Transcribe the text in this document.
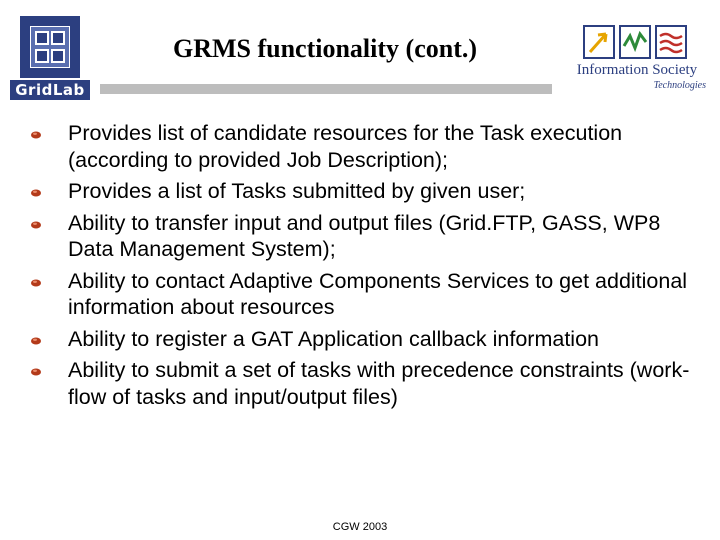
GridLab
GRMS functionality (cont.)
Information Society
Technologies
Provides list of candidate resources for the Task execution (according to provided Job Description);
Provides a list of Tasks submitted by given user;
Ability to transfer input and output files (Grid.FTP, GASS, WP8 Data Management System);
Ability to contact Adaptive Components Services to get additional information about resources
Ability to register a GAT Application callback information
Ability to submit a set of tasks with precedence constraints (work-flow of tasks and input/output files)
CGW 2003
